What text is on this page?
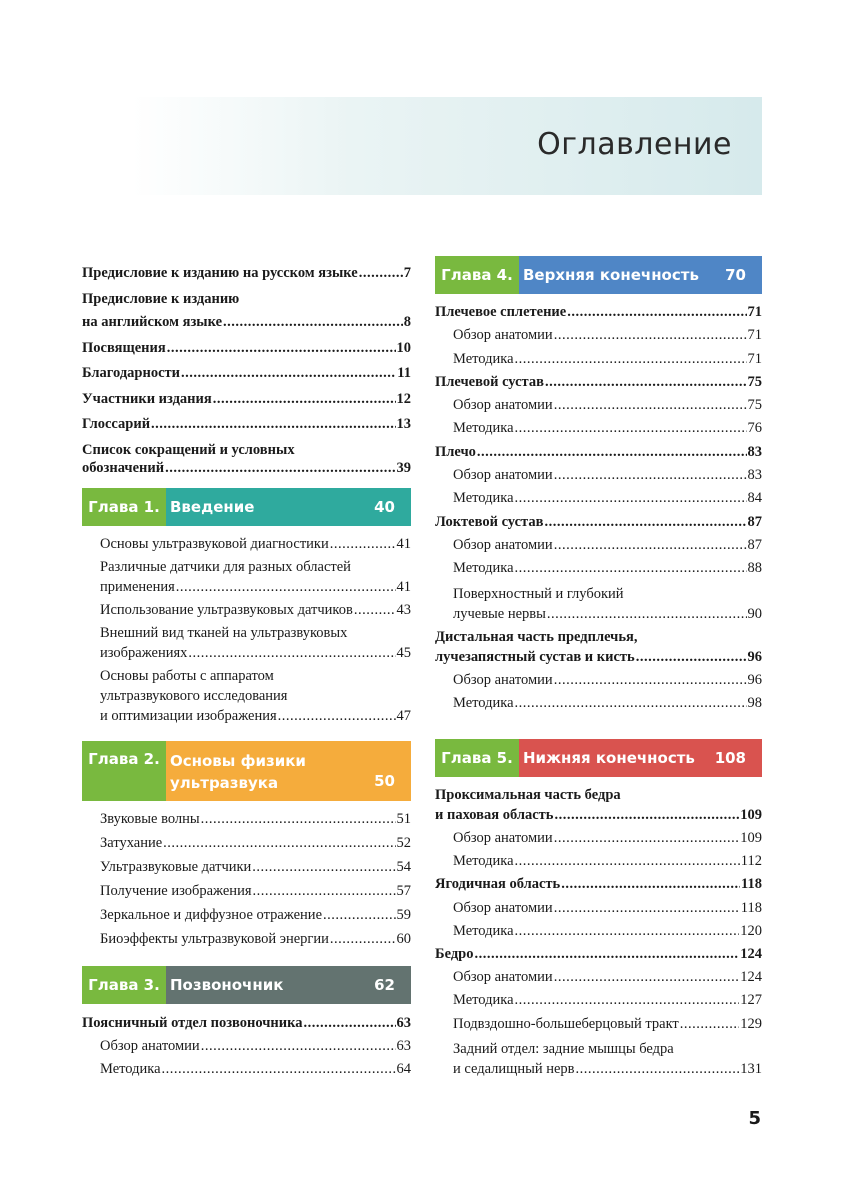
Оглавление
Предисловие к изданию на русском языке .....	7
Предисловие к изданию
на английском языке .....	8
Посвящения .....	10
Благодарности .....	11
Участники издания .....	12
Глоссарий .....	13
Список сокращений и условных
обозначений .....	39
Глава 1. Введение	40
Основы ультразвуковой диагностики .....	41
Различные датчики для разных областей
применения .....	41
Использование ультразвуковых датчиков .....	43
Внешний вид тканей на ультразвуковых
изображениях .....	45
Основы работы с аппаратом
ультразвукового исследования
и оптимизации изображения .....	47
Глава 2. Основы физики
ультразвука	50
Звуковые волны .....	51
Затухание .....	52
Ультразвуковые датчики .....	54
Получение изображения .....	57
Зеркальное и диффузное отражение .....	59
Биоэффекты ультразвуковой энергии .....	60
Глава 3. Позвоночник	62
Поясничный отдел позвоночника .....	63
Обзор анатомии .....	63
Методика .....	64
Глава 4. Верхняя конечность 70
Плечевое сплетение .....	71
Обзор анатомии .....	71
Методика .....	71
Плечевой сустав .....	75
Обзор анатомии .....	75
Методика .....	76
Плечо .....	83
Обзор анатомии .....	83
Методика .....	84
Локтевой сустав .....	87
Обзор анатомии .....	87
Методика .....	88
Поверхностный и глубокий
лучевые нервы .....	90
Дистальная часть предплечья,
лучезапястный сустав и кисть .....	96
Обзор анатомии .....	96
Методика .....	98
Глава 5. Нижняя конечность 108
Проксимальная часть бедра
и паховая область .....	109
Обзор анатомии .....	109
Методика .....	112
Ягодичная область .....	118
Обзор анатомии .....	118
Методика .....	120
Бедро .....	124
Обзор анатомии .....	124
Методика .....	127
Подвздошно-большеберцовый тракт .....	129
Задний отдел: задние мышцы бедра
и седалищный нерв .....	131
5
